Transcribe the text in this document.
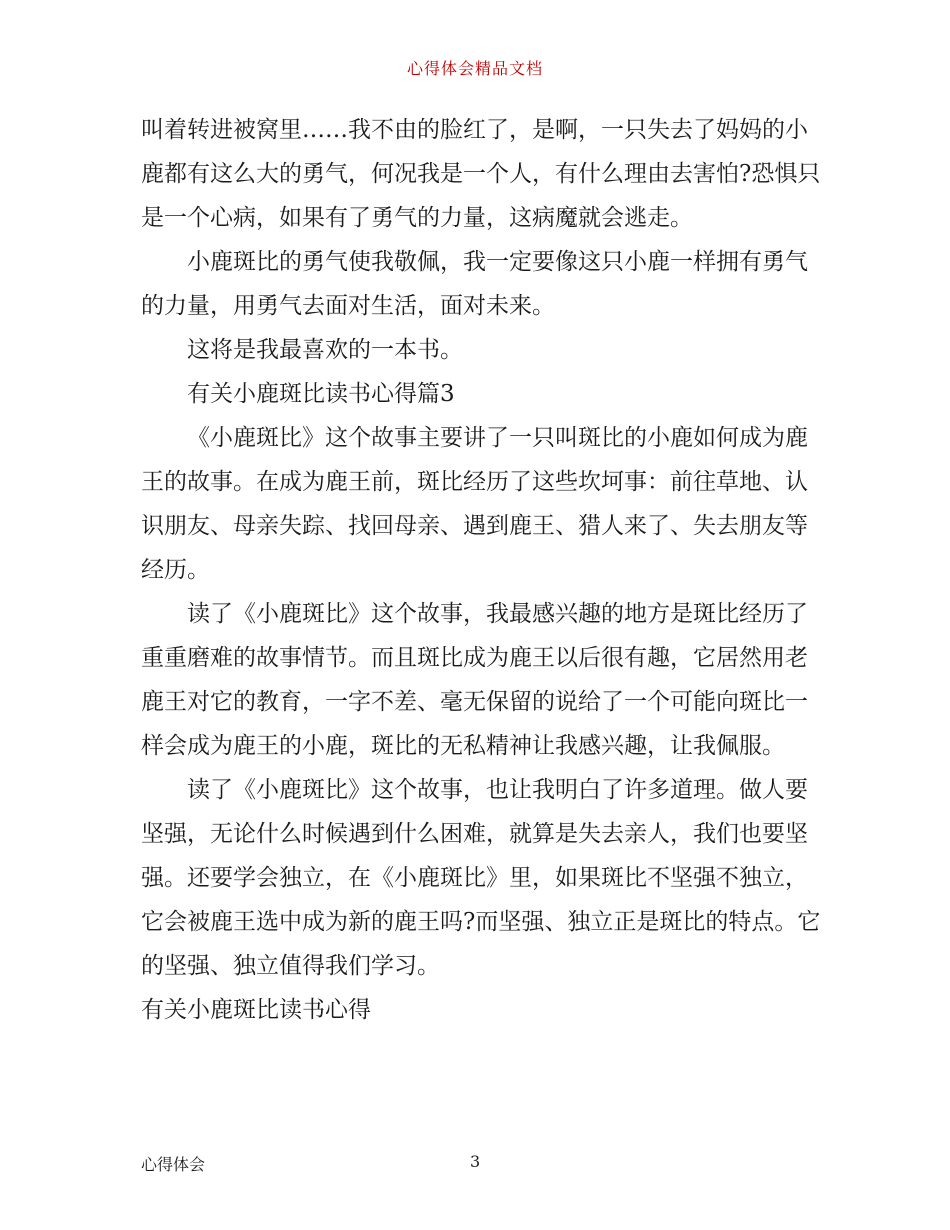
心得体会精品文档

叫着转进被窝里……我不由的脸红了，是啊，一只失去了妈妈的小鹿都有这么大的勇气，何况我是一个人，有什么理由去害怕?恐惧只是一个心病，如果有了勇气的力量，这病魔就会逃走。

小鹿斑比的勇气使我敬佩，我一定要像这只小鹿一样拥有勇气的力量，用勇气去面对生活，面对未来。

这将是我最喜欢的一本书。

有关小鹿斑比读书心得篇3

《小鹿斑比》这个故事主要讲了一只叫斑比的小鹿如何成为鹿王的故事。在成为鹿王前，斑比经历了这些坎坷事：前往草地、认识朋友、母亲失踪、找回母亲、遇到鹿王、猎人来了、失去朋友等经历。

读了《小鹿斑比》这个故事，我最感兴趣的地方是斑比经历了重重磨难的故事情节。而且斑比成为鹿王以后很有趣，它居然用老鹿王对它的教育，一字不差、毫无保留的说给了一个可能向斑比一样会成为鹿王的小鹿，斑比的无私精神让我感兴趣，让我佩服。

读了《小鹿斑比》这个故事，也让我明白了许多道理。做人要坚强，无论什么时候遇到什么困难，就算是失去亲人，我们也要坚强。还要学会独立，在《小鹿斑比》里，如果斑比不坚强不独立，它会被鹿王选中成为新的鹿王吗?而坚强、独立正是斑比的特点。它的坚强、独立值得我们学习。

有关小鹿斑比读书心得

心得体会	3
